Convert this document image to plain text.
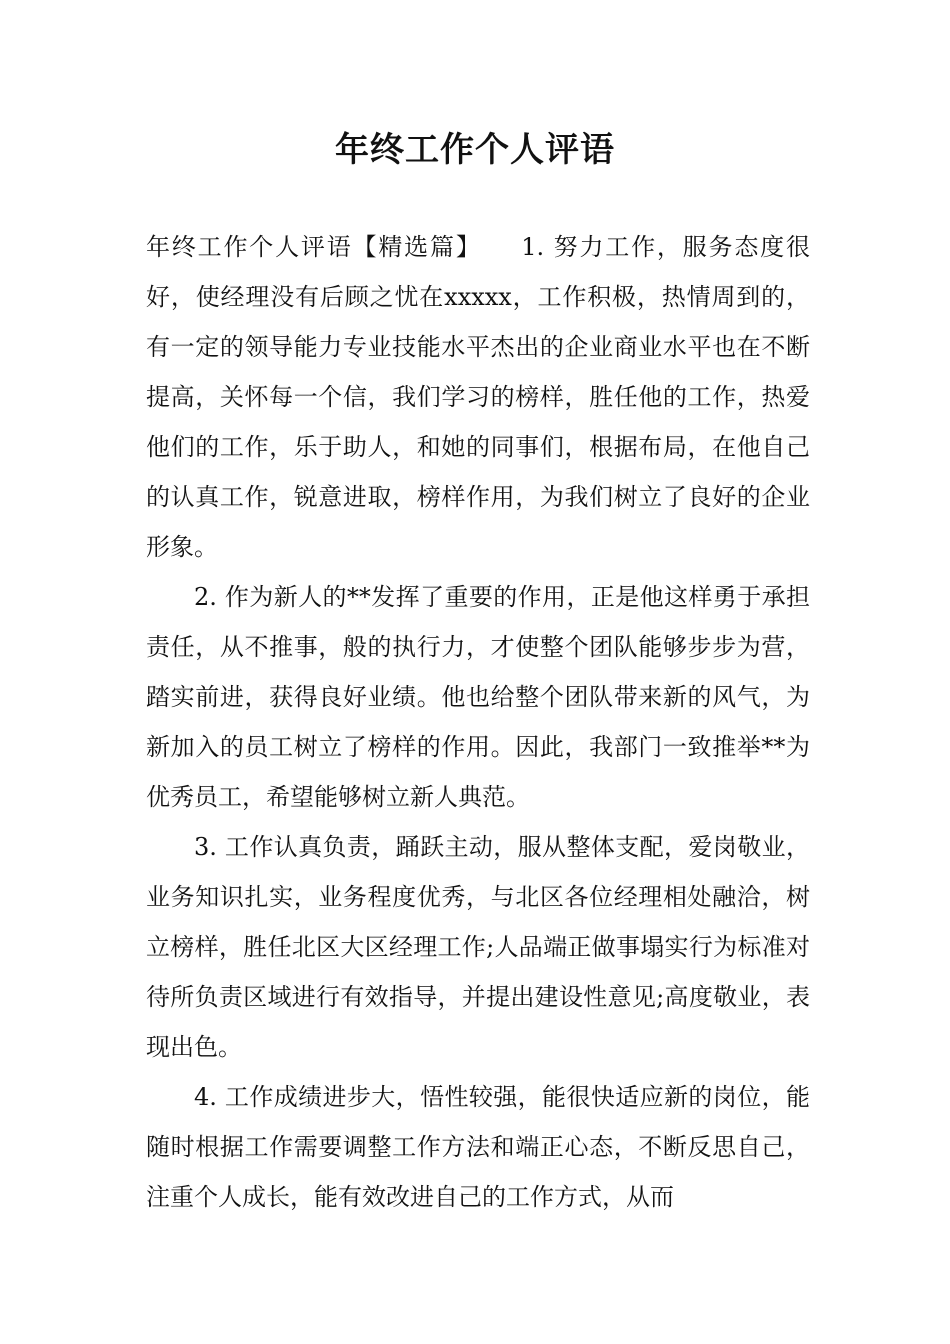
年终工作个人评语

年终工作个人评语【精选篇】　　1. 努力工作，服务态度很好，使经理没有后顾之忧在xxxxx，工作积极，热情周到的，有一定的领导能力专业技能水平杰出的企业商业水平也在不断提高，关怀每一个信，我们学习的榜样，胜任他的工作，热爱他们的工作，乐于助人，和她的同事们，根据布局，在他自己的认真工作，锐意进取，榜样作用，为我们树立了良好的企业形象。

2. 作为新人的**发挥了重要的作用，正是他这样勇于承担责任，从不推事，般的执行力，才使整个团队能够步步为营，踏实前进，获得良好业绩。他也给整个团队带来新的风气，为新加入的员工树立了榜样的作用。因此，我部门一致推举**为优秀员工，希望能够树立新人典范。

3. 工作认真负责，踊跃主动，服从整体支配，爱岗敬业，业务知识扎实，业务程度优秀，与北区各位经理相处融洽，树立榜样，胜任北区大区经理工作;人品端正做事塌实行为标准对待所负责区域进行有效指导，并提出建设性意见;高度敬业，表现出色。

4. 工作成绩进步大，悟性较强，能很快适应新的岗位，能随时根据工作需要调整工作方法和端正心态，不断反思自己，注重个人成长，能有效改进自己的工作方式，从而
